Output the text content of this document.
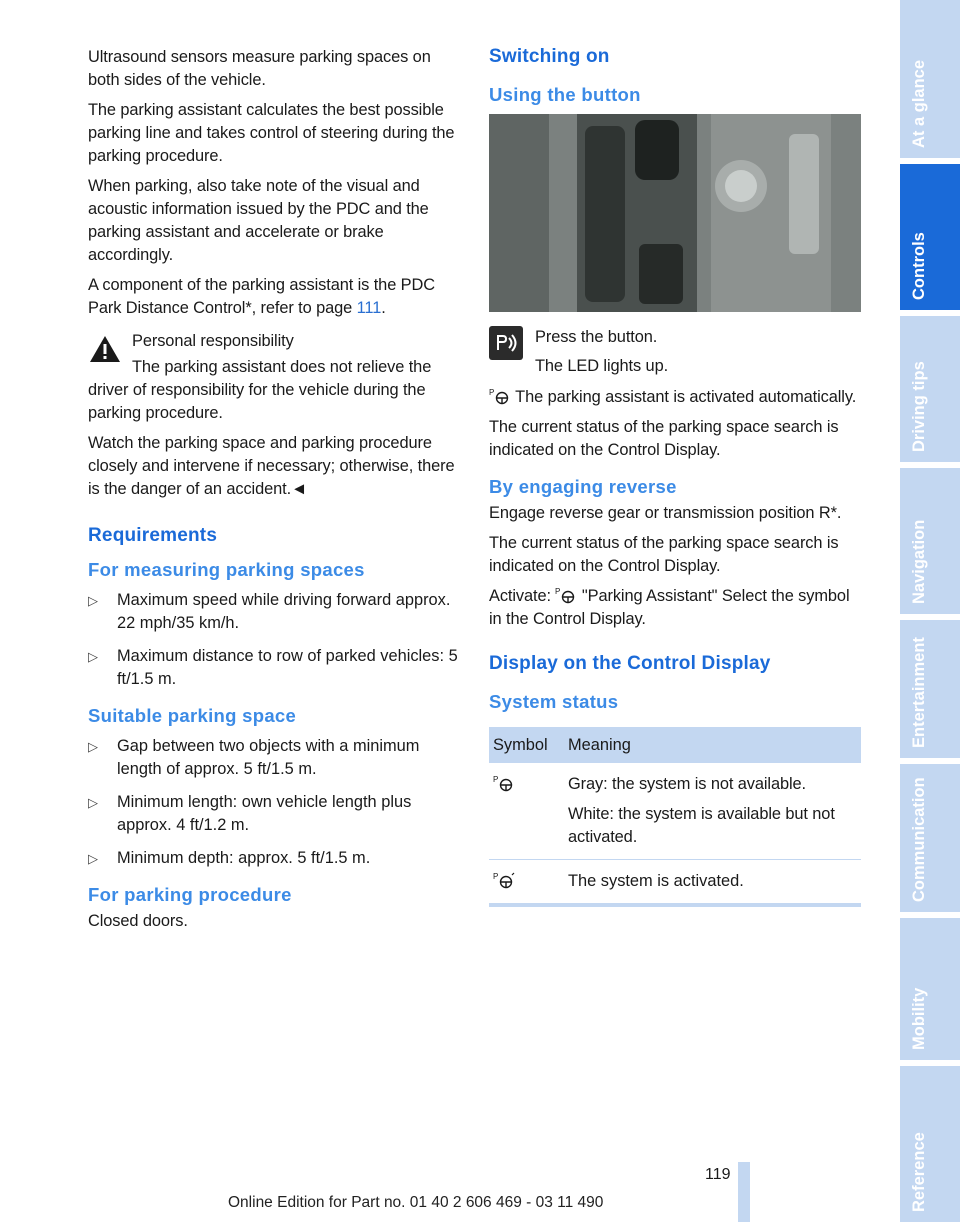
Ultrasound sensors measure parking spaces on both sides of the vehicle.

The parking assistant calculates the best possible parking line and takes control of steering during the parking procedure.

When parking, also take note of the visual and acoustic information issued by the PDC and the parking assistant and accelerate or brake accordingly.

A component of the parking assistant is the PDC Park Distance Control*, refer to page 111.

Personal responsibility

The parking assistant does not relieve the driver of responsibility for the vehicle during the parking procedure.

Watch the parking space and parking procedure closely and intervene if necessary; otherwise, there is the danger of an accident.◄

Requirements
For measuring parking spaces
▷ Maximum speed while driving forward approx. 22 mph/35 km/h.
▷ Maximum distance to row of parked vehicles: 5 ft/1.5 m.
Suitable parking space
▷ Gap between two objects with a minimum length of approx. 5 ft/1.5 m.
▷ Minimum length: own vehicle length plus approx. 4 ft/1.2 m.
▷ Minimum depth: approx. 5 ft/1.5 m.
For parking procedure

Closed doors.

Switching on
Using the button

Press the button.

The LED lights up.

P The parking assistant is activated automatically.

The current status of the parking space search is indicated on the Control Display.

By engaging reverse

Engage reverse gear or transmission position R*.

The current status of the parking space search is indicated on the Control Display.

Activate: P "Parking Assistant" Select the symbol in the Control Display.

Display on the Control Display
System status
Symbol	Meaning

P	Gray: the system is not available.

White: the system is available but not activated.

P	The system is activated.
At a glance
Controls
Driving tips
Navigation
Entertainment
Communication
Mobility
Reference
119
Online Edition for Part no. 01 40 2 606 469 - 03 11 490
